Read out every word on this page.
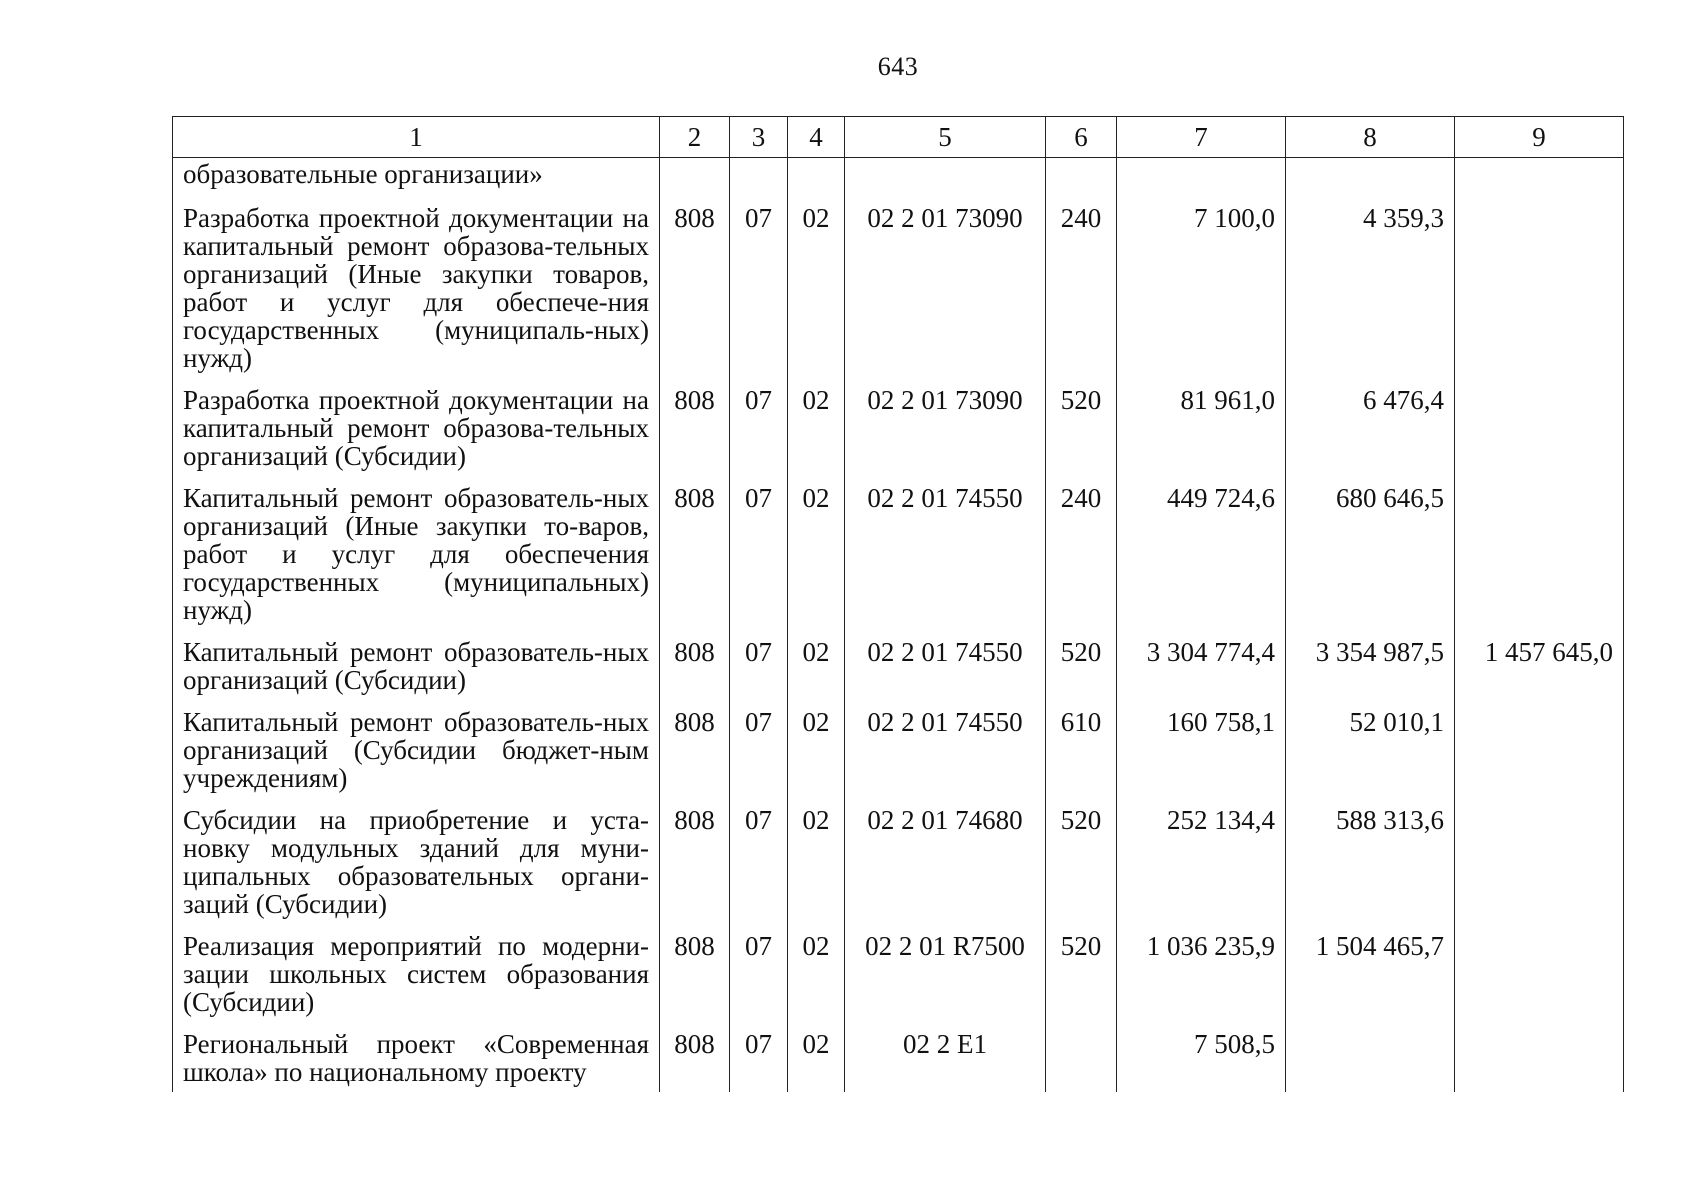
643
1	2	3	4	5	6	7	8	9
образовательные организации»								
Разработка проектной документации на капитальный ремонт образова-тельных организаций (Иные закупки товаров, работ и услуг для обеспече-ния государственных (муниципаль-ных) нужд)	808	07	02	02 2 01 73090	240	7 100,0	4 359,3	
Разработка проектной документации на капитальный ремонт образова-тельных организаций (Субсидии)	808	07	02	02 2 01 73090	520	81 961,0	6 476,4	
Капитальный ремонт образователь-ных организаций (Иные закупки то-варов, работ и услуг для обеспечения государственных (муниципальных) нужд)	808	07	02	02 2 01 74550	240	449 724,6	680 646,5	
Капитальный ремонт образователь-ных организаций (Субсидии)	808	07	02	02 2 01 74550	520	3 304 774,4	3 354 987,5	1 457 645,0
Капитальный ремонт образователь-ных организаций (Субсидии бюджет-ным учреждениям)	808	07	02	02 2 01 74550	610	160 758,1	52 010,1	
Субсидии на приобретение и уста-новку модульных зданий для муни-ципальных образовательных органи-заций (Субсидии)	808	07	02	02 2 01 74680	520	252 134,4	588 313,6	
Реализация мероприятий по модерни-зации школьных систем образования (Субсидии)	808	07	02	02 2 01 R7500	520	1 036 235,9	1 504 465,7	
Региональный проект «Современная школа» по национальному проекту	808	07	02	02 2 E1		7 508,5		
